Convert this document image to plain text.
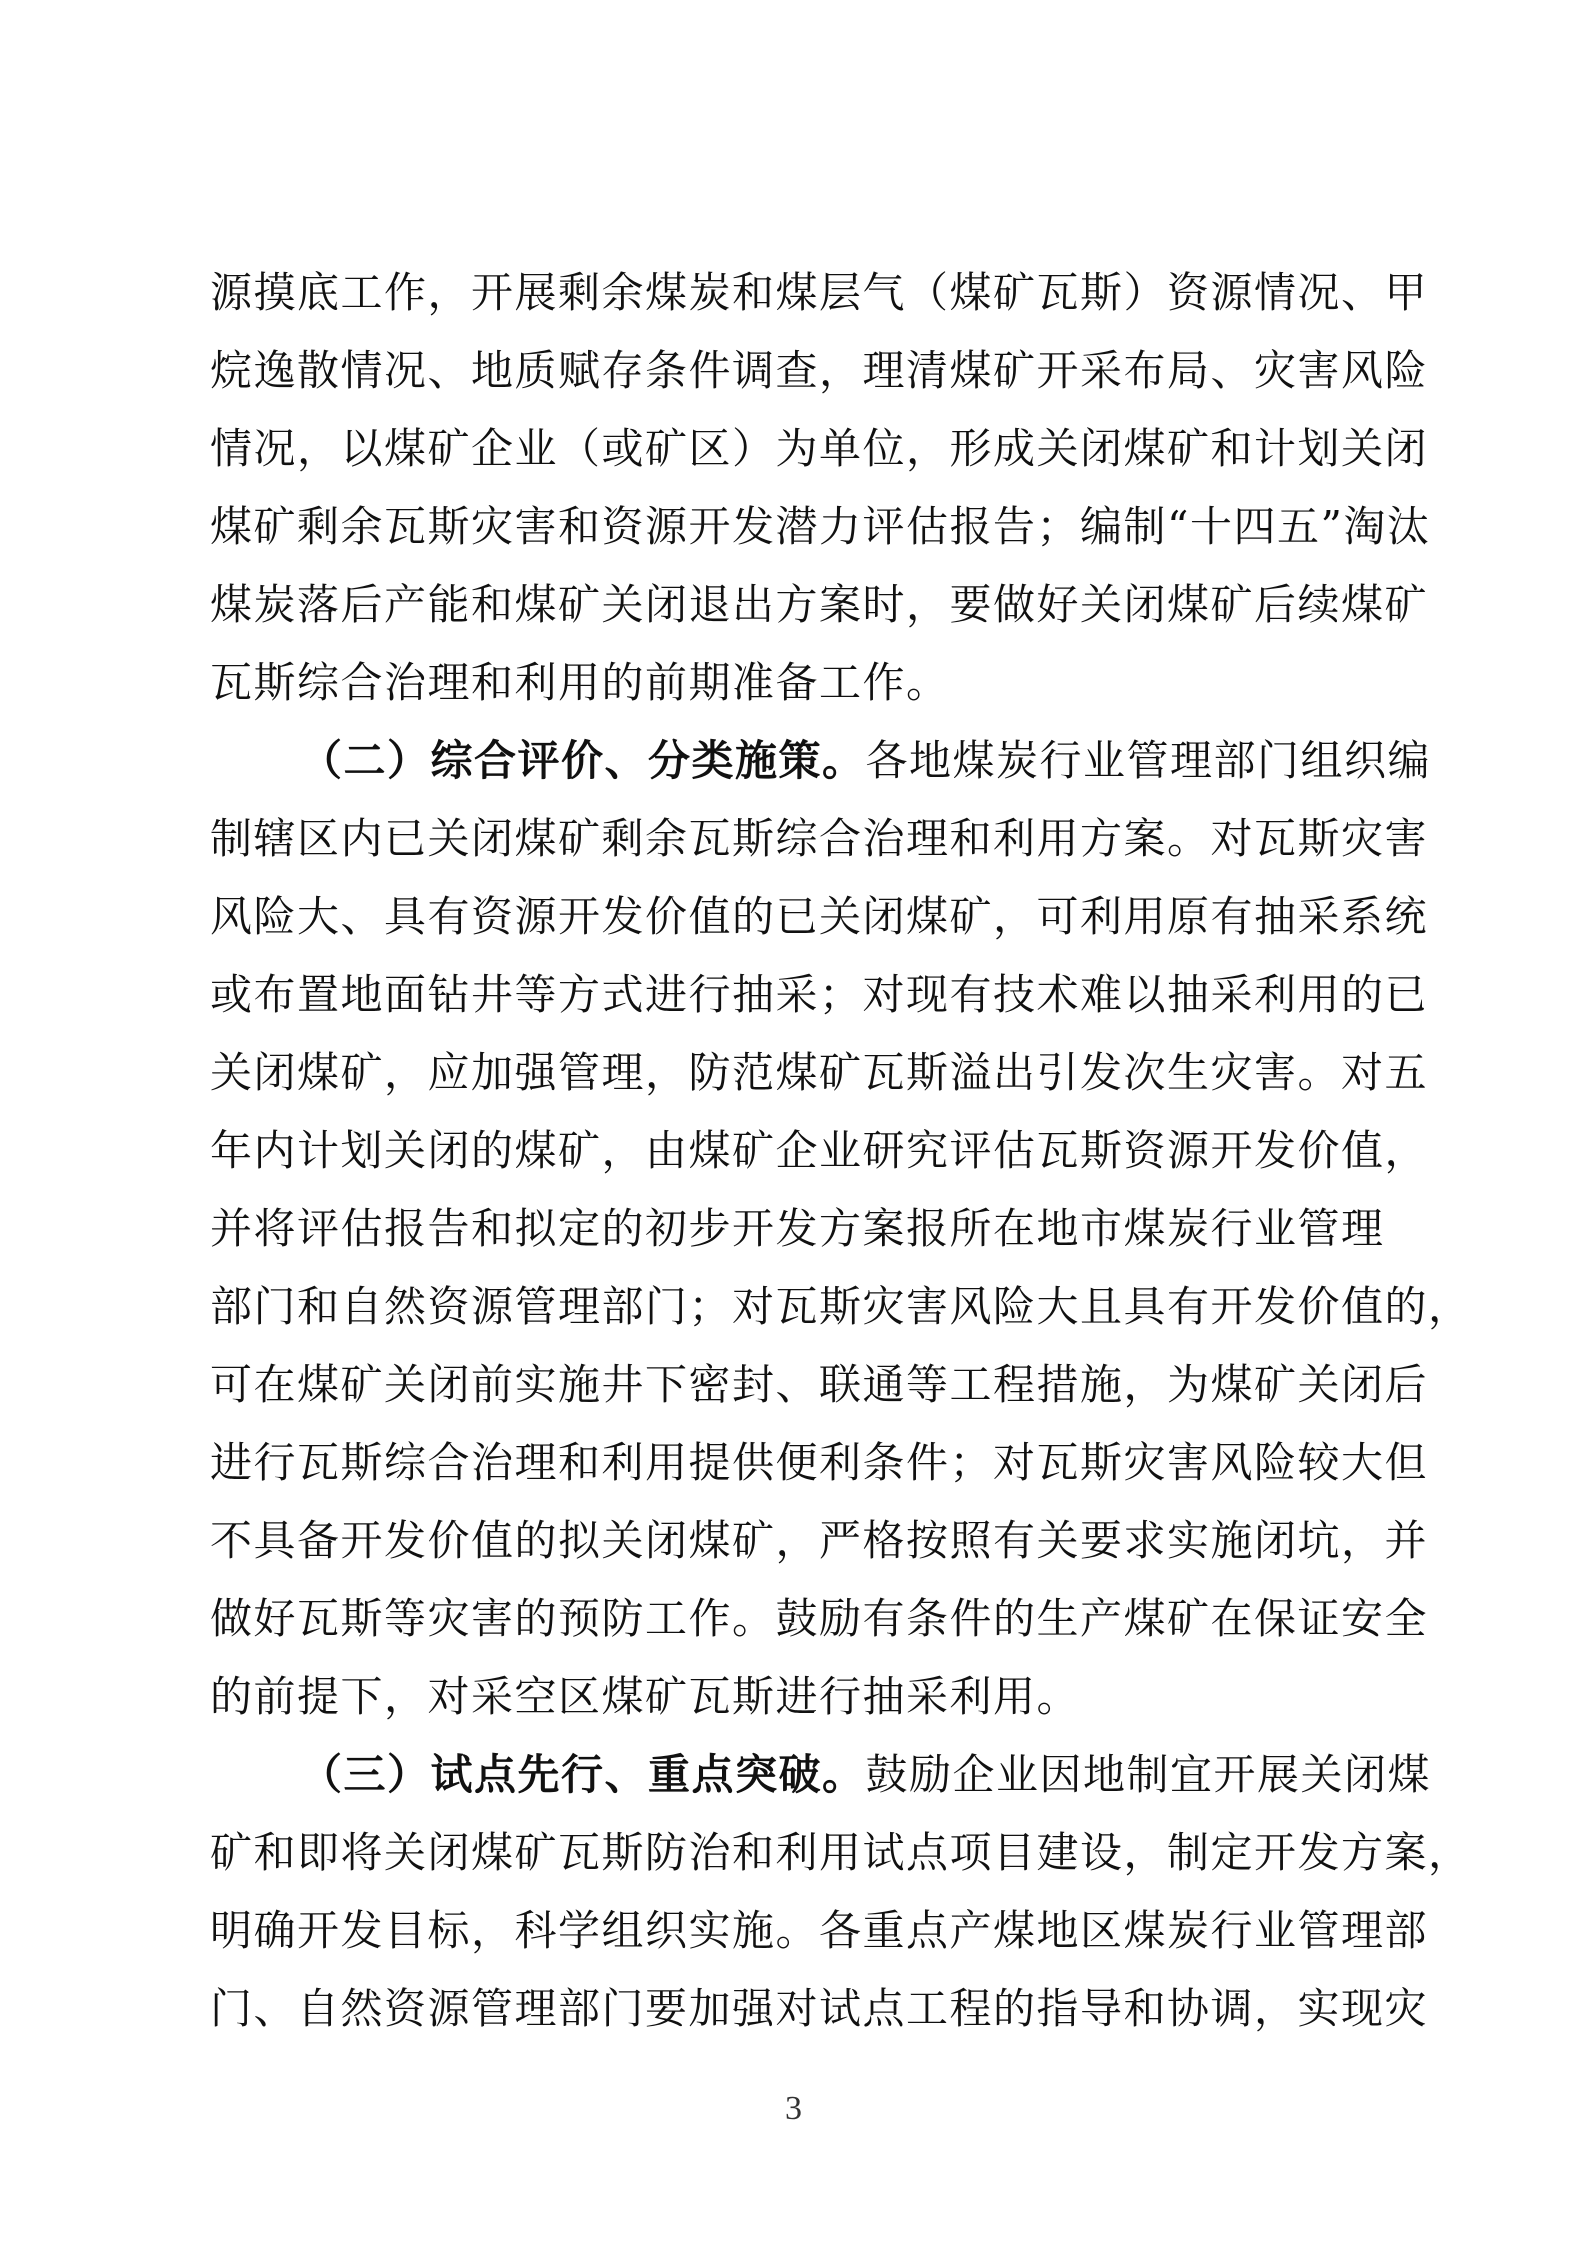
源摸底工作，开展剩余煤炭和煤层气（煤矿瓦斯）资源情况、甲
烷逸散情况、地质赋存条件调查，理清煤矿开采布局、灾害风险
情况，以煤矿企业（或矿区）为单位，形成关闭煤矿和计划关闭
煤矿剩余瓦斯灾害和资源开发潜力评估报告；编制“十四五”淘汰
煤炭落后产能和煤矿关闭退出方案时，要做好关闭煤矿后续煤矿
瓦斯综合治理和利用的前期准备工作。
（二）综合评价、分类施策。各地煤炭行业管理部门组织编
制辖区内已关闭煤矿剩余瓦斯综合治理和利用方案。对瓦斯灾害
风险大、具有资源开发价值的已关闭煤矿，可利用原有抽采系统
或布置地面钻井等方式进行抽采；对现有技术难以抽采利用的已
关闭煤矿，应加强管理，防范煤矿瓦斯溢出引发次生灾害。对五
年内计划关闭的煤矿，由煤矿企业研究评估瓦斯资源开发价值，
并将评估报告和拟定的初步开发方案报所在地市煤炭行业管理
部门和自然资源管理部门；对瓦斯灾害风险大且具有开发价值的，
可在煤矿关闭前实施井下密封、联通等工程措施，为煤矿关闭后
进行瓦斯综合治理和利用提供便利条件；对瓦斯灾害风险较大但
不具备开发价值的拟关闭煤矿，严格按照有关要求实施闭坑，并
做好瓦斯等灾害的预防工作。鼓励有条件的生产煤矿在保证安全
的前提下，对采空区煤矿瓦斯进行抽采利用。
（三）试点先行、重点突破。鼓励企业因地制宜开展关闭煤
矿和即将关闭煤矿瓦斯防治和利用试点项目建设，制定开发方案，
明确开发目标，科学组织实施。各重点产煤地区煤炭行业管理部
门、自然资源管理部门要加强对试点工程的指导和协调，实现灾
3
